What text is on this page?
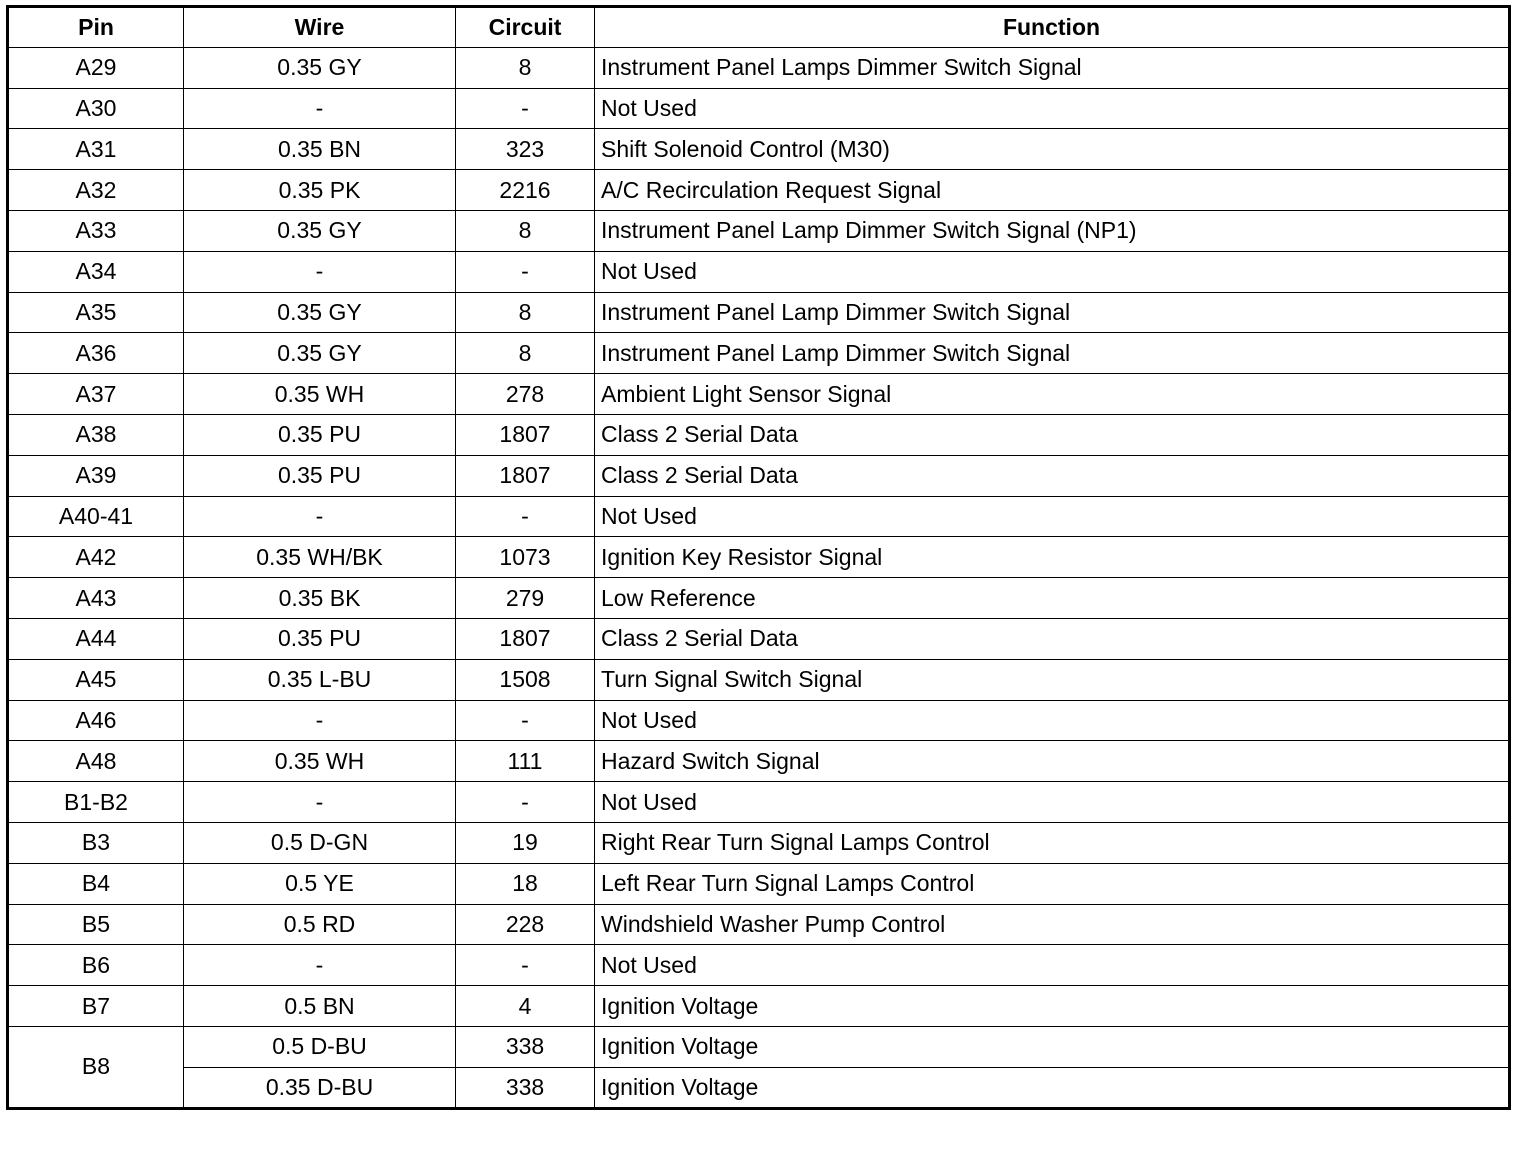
Pin	Wire	Circuit	Function
A29	0.35 GY	8	Instrument Panel Lamps Dimmer Switch Signal
A30	-	-	Not Used
A31	0.35 BN	323	Shift Solenoid Control (M30)
A32	0.35 PK	2216	A/C Recirculation Request Signal
A33	0.35 GY	8	Instrument Panel Lamp Dimmer Switch Signal (NP1)
A34	-	-	Not Used
A35	0.35 GY	8	Instrument Panel Lamp Dimmer Switch Signal
A36	0.35 GY	8	Instrument Panel Lamp Dimmer Switch Signal
A37	0.35 WH	278	Ambient Light Sensor Signal
A38	0.35 PU	1807	Class 2 Serial Data
A39	0.35 PU	1807	Class 2 Serial Data
A40-41	-	-	Not Used
A42	0.35 WH/BK	1073	Ignition Key Resistor Signal
A43	0.35 BK	279	Low Reference
A44	0.35 PU	1807	Class 2 Serial Data
A45	0.35 L-BU	1508	Turn Signal Switch Signal
A46	-	-	Not Used
A48	0.35 WH	111	Hazard Switch Signal
B1-B2	-	-	Not Used
B3	0.5 D-GN	19	Right Rear Turn Signal Lamps Control
B4	0.5 YE	18	Left Rear Turn Signal Lamps Control
B5	0.5 RD	228	Windshield Washer Pump Control
B6	-	-	Not Used
B7	0.5 BN	4	Ignition Voltage
B8	0.5 D-BU	338	Ignition Voltage
	0.35 D-BU	338	Ignition Voltage
